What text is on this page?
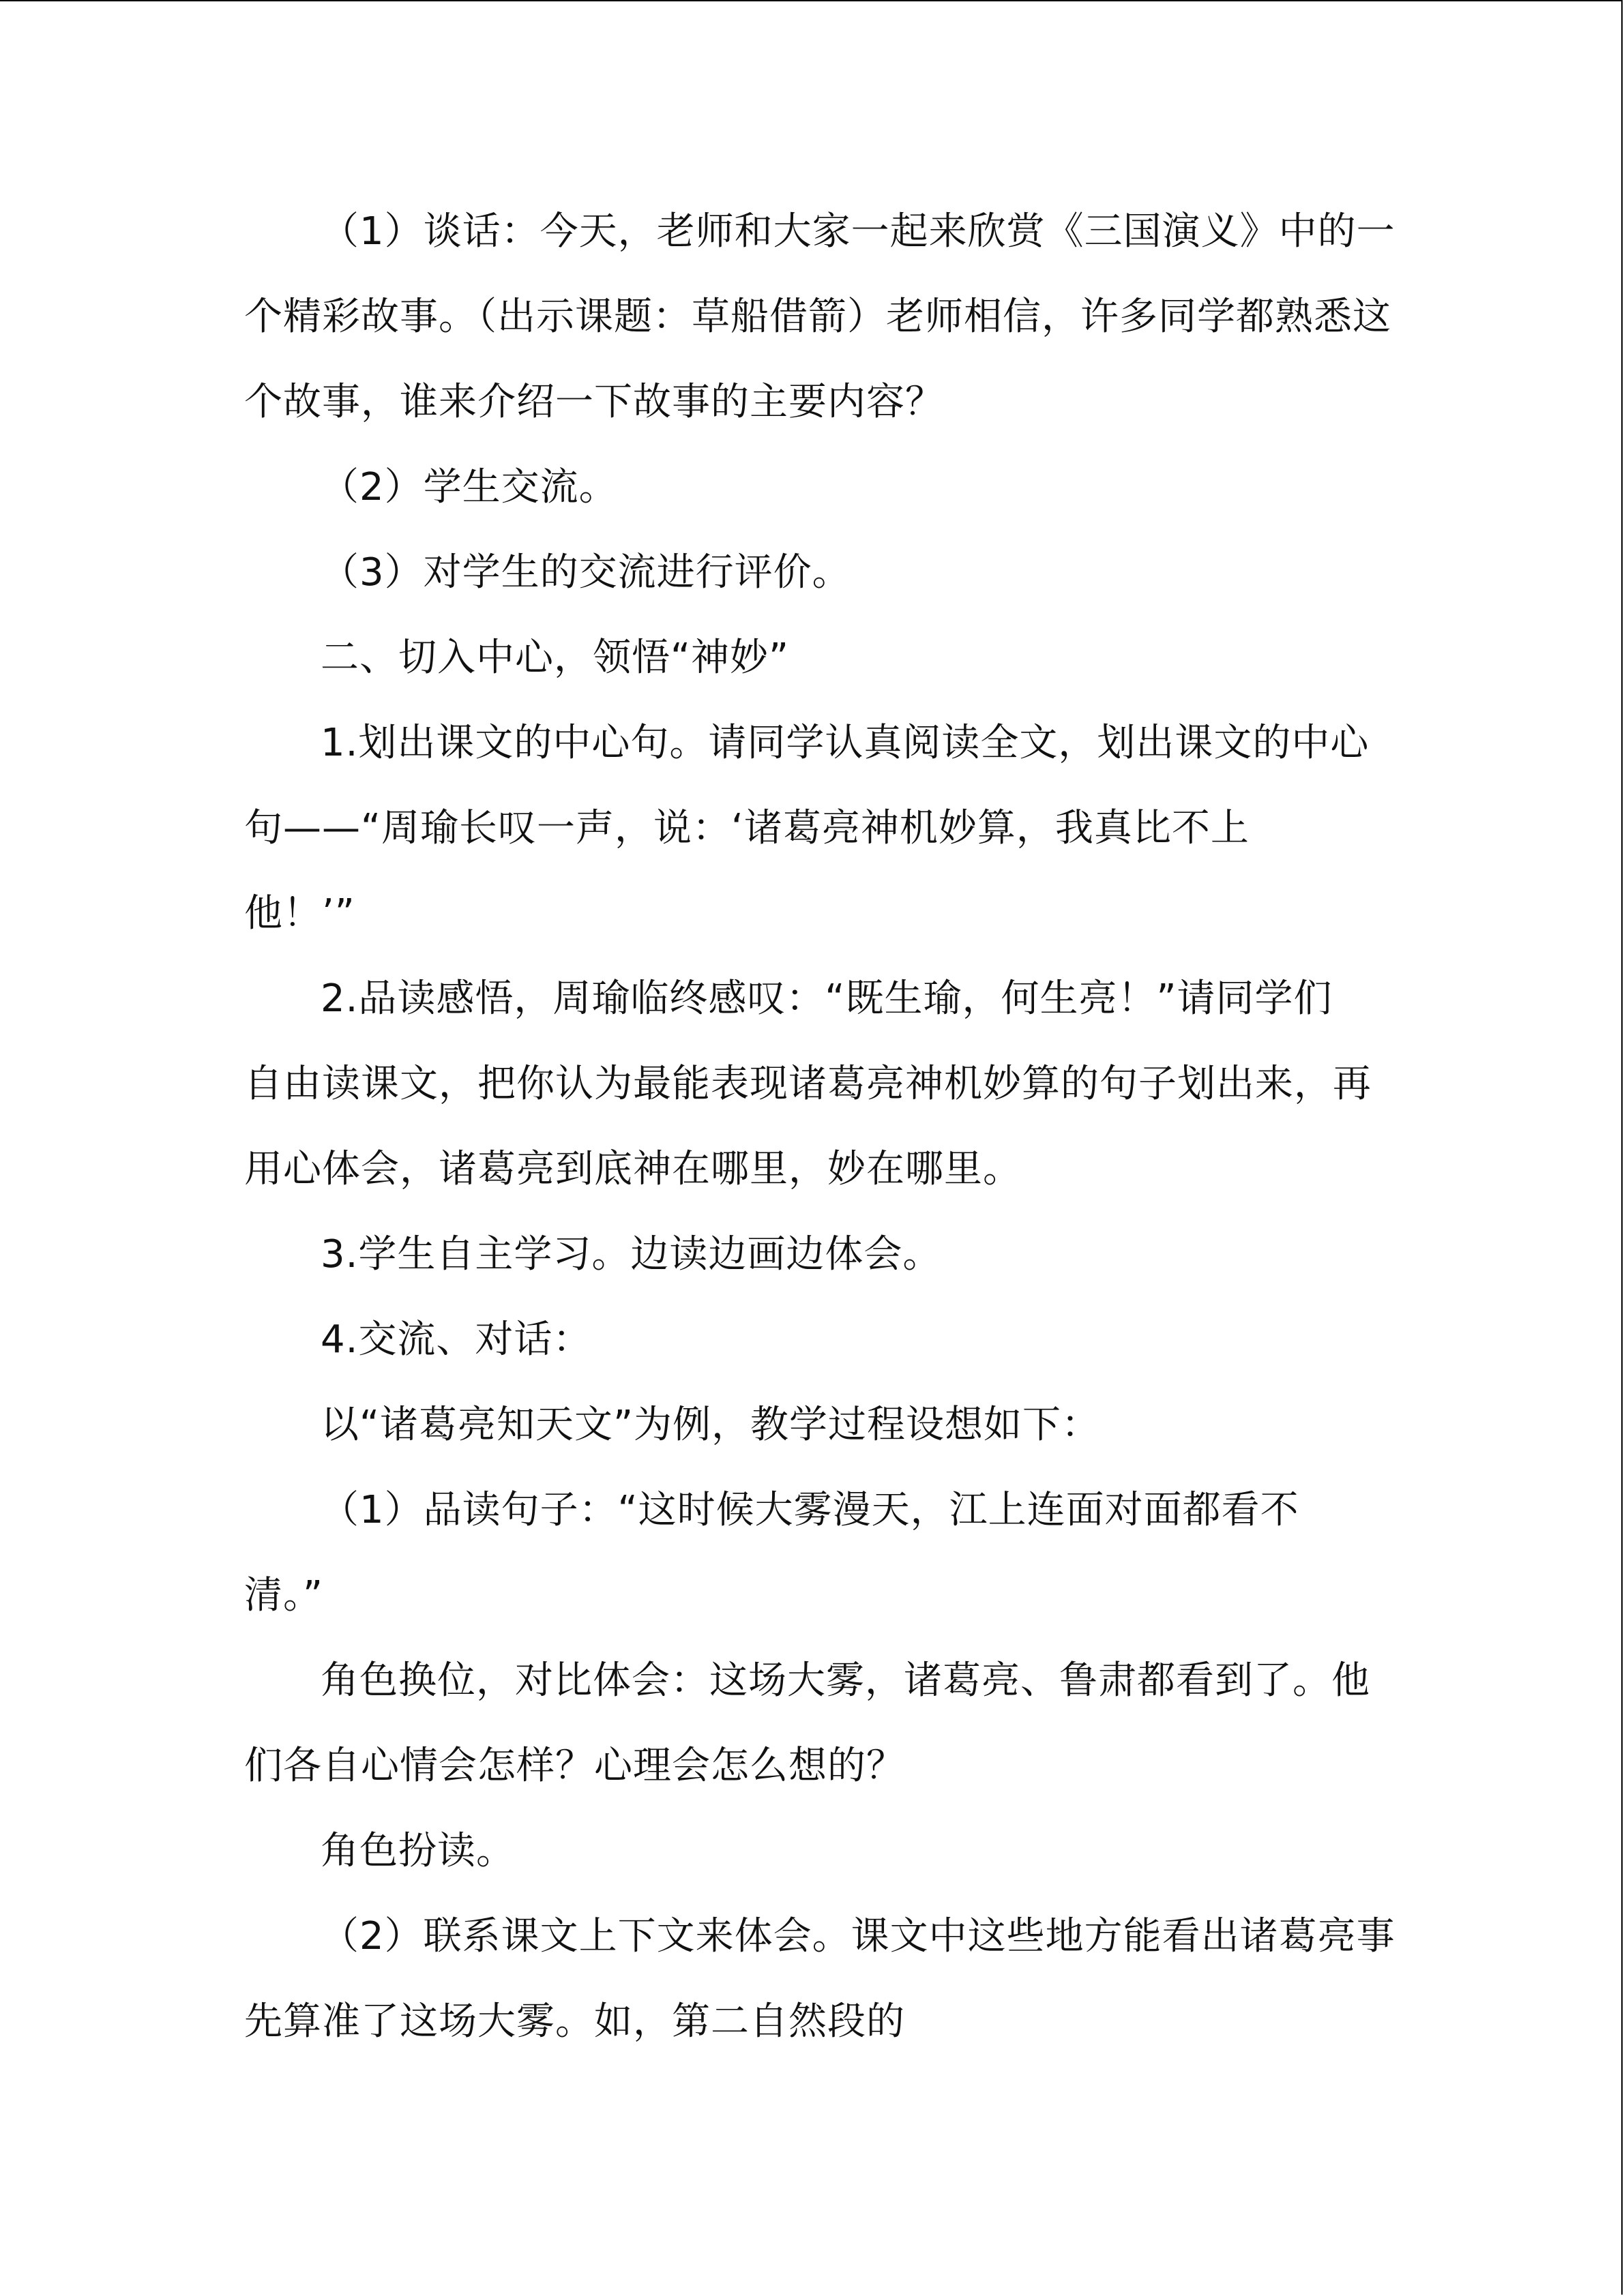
（1）谈话：今天，老师和大家一起来欣赏《三国演义》中的一
个精彩故事。（出示课题：草船借箭）老师相信，许多同学都熟悉这
个故事，谁来介绍一下故事的主要内容？
（2）学生交流。
（3）对学生的交流进行评价。
二、切入中心，领悟“神妙”
1.划出课文的中心句。请同学认真阅读全文，划出课文的中心
句——“周瑜长叹一声，说：‘诸葛亮神机妙算，我真比不上
他！’”
2.品读感悟，周瑜临终感叹：“既生瑜，何生亮！”请同学们
自由读课文，把你认为最能表现诸葛亮神机妙算的句子划出来，再
用心体会，诸葛亮到底神在哪里，妙在哪里。
3.学生自主学习。边读边画边体会。
4.交流、对话：
以“诸葛亮知天文”为例，教学过程设想如下：
（1）品读句子：“这时候大雾漫天，江上连面对面都看不
清。”
角色换位，对比体会：这场大雾，诸葛亮、鲁肃都看到了。他
们各自心情会怎样？心理会怎么想的？
角色扮读。
（2）联系课文上下文来体会。课文中这些地方能看出诸葛亮事
先算准了这场大雾。如，第二自然段的
